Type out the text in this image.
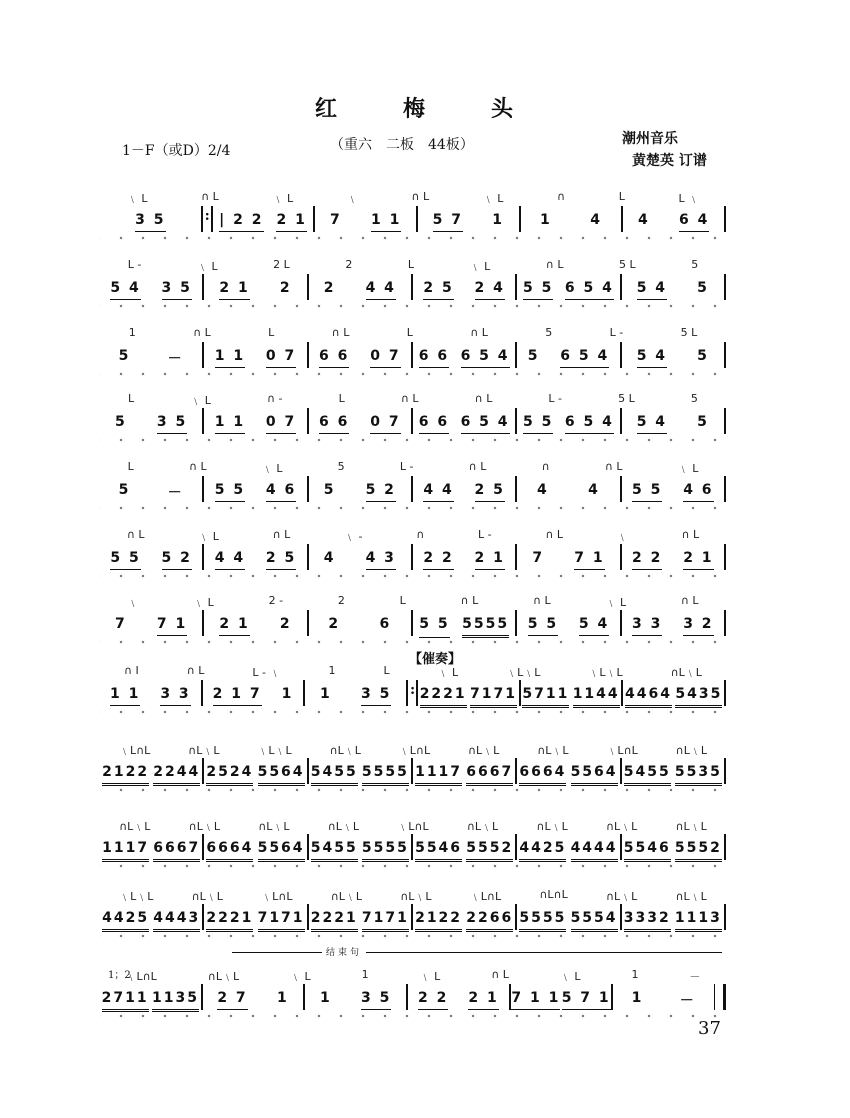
红　梅　头
1－F（或D）2/4	（重六　二板　44板）	潮州音乐
黄楚英 订谱
﹨ L	∩ L	﹨ L	﹨	∩ L	﹨ L	∩	L	L ﹨
3 5 :	| 2 2 2 1 7 1 1 5 7 1	1	4	4 6 4
L -	﹨ L	2 L	2	L	﹨ L	∩ L	5 L	5
5 4 3 5 2 1 2 2 4 4 2 5 2 4 5 5 6 5 4 5 4 5
1	∩ L	L	∩ L	L	∩ L	5	L -	5 L
5	－ 1 1 0 7 6 6 0 7 6 6 6 5 4 5 6 5 4 5 4 5
L	﹨ L	∩ -	L	∩ L	∩ L	L -	5 L	5
5 3 5 1 1 0 7 6 6 0 7 6 6 6 5 4 5 5 6 5 4 5 4 5
L	∩ L	﹨ L	5	L -	∩ L	∩	∩ L	﹨ L
5	－ 5 5 4 6 5 5 2 4 4 2 5 4	4 5 5 4 6
∩ L	﹨ L	∩ L	﹨ -	∩	L -	∩ L	﹨	∩ L
5 5 5 2 4 4 2 5 4 4 3 2 2 2 1 7 7 1 2 2 2 1
﹨	﹨ L	2 -	2	L	∩ L	∩ L	﹨ L	∩ L
7 7 1 2 1 2	2	6 5 5 5555 5 5 5 4 3 3 3 2
∩ I	∩ L	L - ﹨	1	L	﹨ L	﹨L﹨L	﹨L﹨L	∩L﹨L
1 1 3 3 2 1 7 1 1 3 5 : 2221 7171 5711 1144 4464 5435
﹨L∩L	∩L﹨L	﹨L﹨L	∩L﹨L	﹨L∩L	∩L﹨L	∩L﹨L	﹨L∩L	∩L﹨L
2122 2244 2524 5564 5455 5555 1117 6667 6664 5564 5455 5535
∩L﹨L	∩L﹨L	∩L﹨L	∩L﹨L	﹨L∩L	∩L﹨L	∩L﹨L	∩L﹨L	∩L﹨L
1117 6667 6664 5564 5455 5555 5546 5552 4425 4444 5546 5552
﹨L﹨L	∩L﹨L	﹨L∩L	∩L﹨L	∩L﹨L	﹨L∩L	∩L∩L	∩L﹨L	∩L﹨L
4425 4443 2221 7171 2221 7171 2122 2266 5555 5554 3332 1113
﹨L∩L	∩L﹨L	﹨ L	1	﹨ L	∩ L	﹨ L	1	－
2711 1135 2 7 1 1 3 5 2 2 2 1 7 1 1 5 7 1 1	－
【催奏】
1；2
结束句
37
